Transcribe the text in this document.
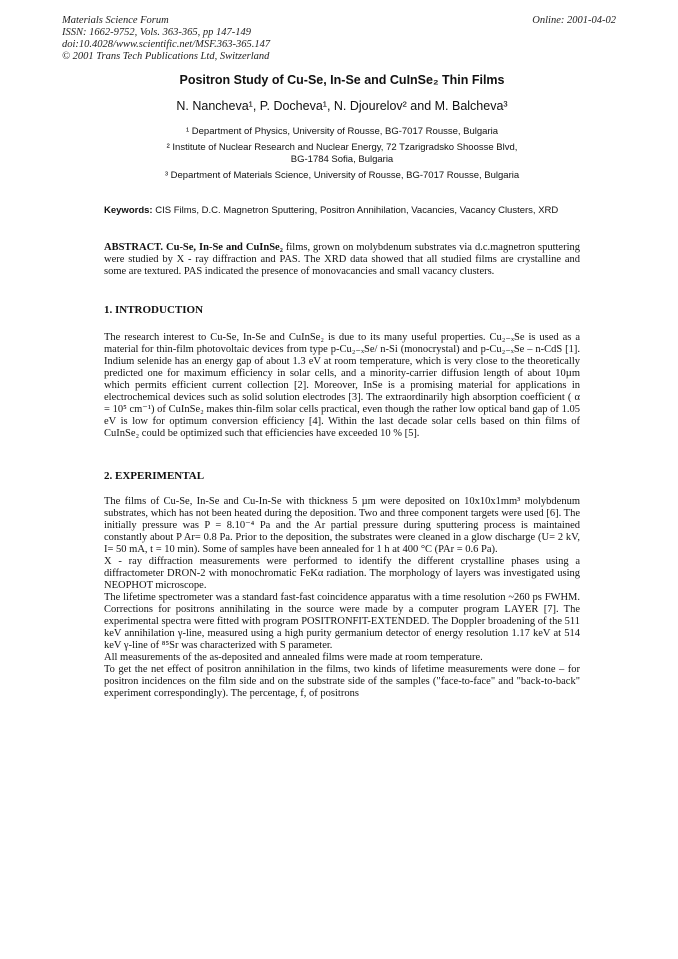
Materials Science Forum
ISSN: 1662-9752, Vols. 363-365, pp 147-149
doi:10.4028/www.scientific.net/MSF.363-365.147
© 2001 Trans Tech Publications Ltd, Switzerland
Online: 2001-04-02
Positron Study of Cu-Se, In-Se and CuInSe₂ Thin Films
N. Nancheva¹, P. Docheva¹, N. Djourelov² and M. Balcheva³
¹ Department of Physics, University of Rousse, BG-7017 Rousse, Bulgaria
² Institute of Nuclear Research and Nuclear Energy, 72 Tzarigradsko Shoosse Blvd,
BG-1784 Sofia, Bulgaria
³ Department of Materials Science, University of Rousse, BG-7017 Rousse, Bulgaria
Keywords: CIS Films, D.C. Magnetron Sputtering, Positron Annihilation, Vacancies, Vacancy Clusters, XRD
ABSTRACT. Cu-Se, In-Se and CuInSe₂ films, grown on molybdenum substrates via d.c.magnetron sputtering were studied by X - ray diffraction and PAS. The XRD data showed that all studied films are crystalline and some are textured. PAS indicated the presence of monovacancies and small vacancy clusters.
1. INTRODUCTION
The research interest to Cu-Se, In-Se and CuInSe₂ is due to its many useful properties. Cu₂₋ₓSe is used as a material for thin-film photovoltaic devices from type p-Cu₂₋ₓSe/ n-Si (monocrystal) and p-Cu₂₋ₓSe – n-CdS [1]. Indium selenide has an energy gap of about 1.3 eV at room temperature, which is very close to the theoretically predicted one for maximum efficiency in solar cells, and a minority-carrier diffusion length of about 10µm which permits efficient current collection [2]. Moreover, InSe is a promising material for applications in electrochemical devices such as solid solution electrodes [3]. The extraordinarily high absorption coefficient ( α = 10⁵ cm⁻¹) of CuInSe₂ makes thin-film solar cells practical, even though the rather low optical band gap of 1.05 eV is low for optimum conversion efficiency [4]. Within the last decade solar cells based on thin films of CuInSe₂ could be optimized such that efficiencies have exceeded 10 % [5].
2. EXPERIMENTAL

The films of Cu-Se, In-Se and Cu-In-Se with thickness 5 µm were deposited on 10x10x1mm³ molybdenum substrates, which has not been heated during the deposition. Two and three component targets were used [6]. The initially pressure was P = 8.10⁻⁴ Pa and the Ar partial pressure during sputtering process is maintained constantly about P Ar= 0.8 Pa. Prior to the deposition, the substrates were cleaned in a glow discharge (U= 2 kV, I= 50 mA, t = 10 min). Some of samples have been annealed for 1 h at 400 °C (PAr = 0.6 Pa).

X - ray diffraction measurements were performed to identify the different crystalline phases using a diffractometer DRON-2 with monochromatic FeKα radiation. The morphology of layers was investigated using NEOPHOT microscope.

The lifetime spectrometer was a standard fast-fast coincidence apparatus with a time resolution ~260 ps FWHM. Corrections for positrons annihilating in the source were made by a computer program LAYER [7]. The experimental spectra were fitted with program POSITRONFIT-EXTENDED. The Doppler broadening of the 511 keV annihilation γ-line, measured using a high purity germanium detector of energy resolution 1.17 keV at 514 keV γ-line of ⁸⁵Sr was characterized with S parameter.

All measurements of the as-deposited and annealed films were made at room temperature.

To get the net effect of positron annihilation in the films, two kinds of lifetime measurements were done – for positron incidences on the film side and on the substrate side of the samples ("face-to-face" and "back-to-back" experiment correspondingly). The percentage, f, of positrons
